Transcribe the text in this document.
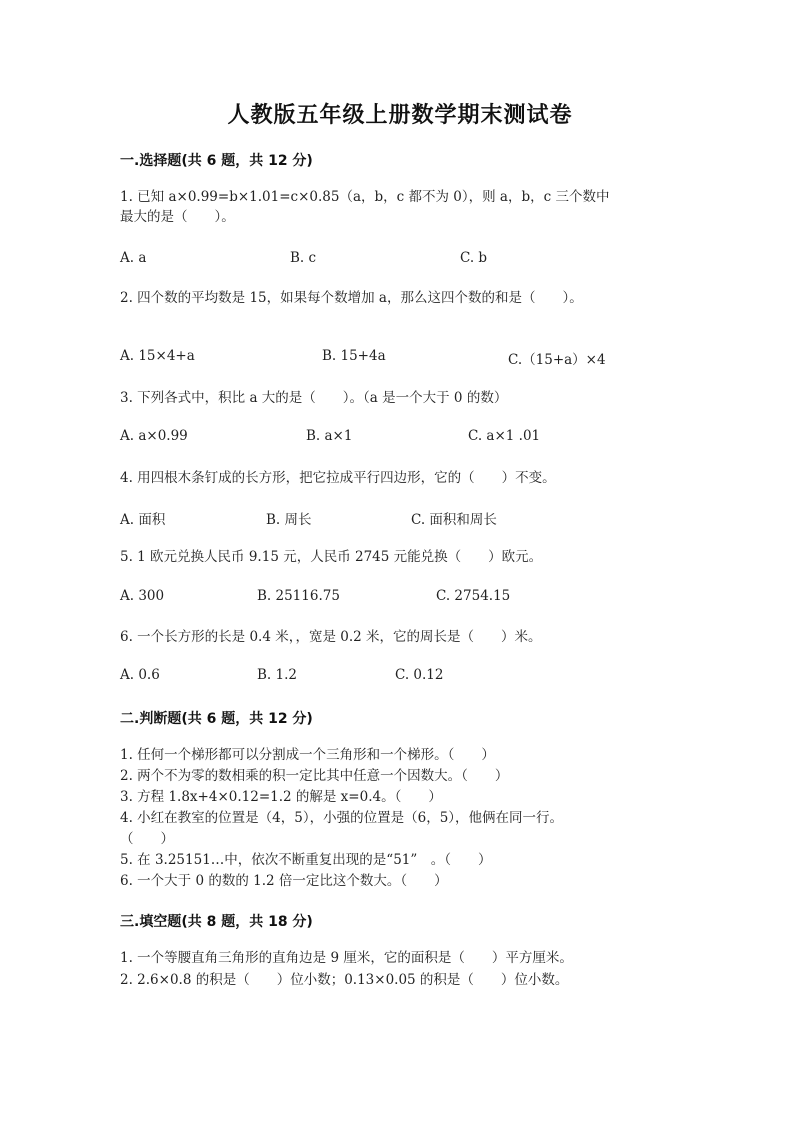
人教版五年级上册数学期末测试卷
一.选择题(共 6 题，共 12 分)
1. 已知 a×0.99=b×1.01=c×0.85（a，b，c 都不为 0），则 a，b，c 三个数中
最大的是（　　）。
A. a	B. c	C. b
2. 四个数的平均数是 15，如果每个数增加 a，那么这四个数的和是（　　）。
A. 15×4+a	B. 15+4a	C.（15+a）×4
3. 下列各式中，积比 a 大的是（　　）。（a 是一个大于 0 的数）
A. a×0.99	B. a×1	C. a×1 .01
4. 用四根木条钉成的长方形，把它拉成平行四边形，它的（　　）不变。
A. 面积	B. 周长	C. 面积和周长
5. 1 欧元兑换人民币 9.15 元，人民币 2745 元能兑换（　　）欧元。
A. 300	B. 25116.75	C. 2754.15
6. 一个长方形的长是 0.4 米，，宽是 0.2 米，它的周长是（　　）米。
A. 0.6	B. 1.2	C. 0.12
二.判断题(共 6 题，共 12 分)
1. 任何一个梯形都可以分割成一个三角形和一个梯形。（　　）
2. 两个不为零的数相乘的积一定比其中任意一个因数大。（　　）
3. 方程 1.8x+4×0.12=1.2 的解是 x=0.4。（　　）
4. 小红在教室的位置是（4，5），小强的位置是（6，5），他俩在同一行。
（　　）
5. 在 3.25151…中，依次不断重复出现的是“51”　。（　　）
6. 一个大于 0 的数的 1.2 倍一定比这个数大。（　　）
三.填空题(共 8 题，共 18 分)
1. 一个等腰直角三角形的直角边是 9 厘米，它的面积是（　　）平方厘米。
2. 2.6×0.8 的积是（　　）位小数；0.13×0.05 的积是（　　）位小数。
